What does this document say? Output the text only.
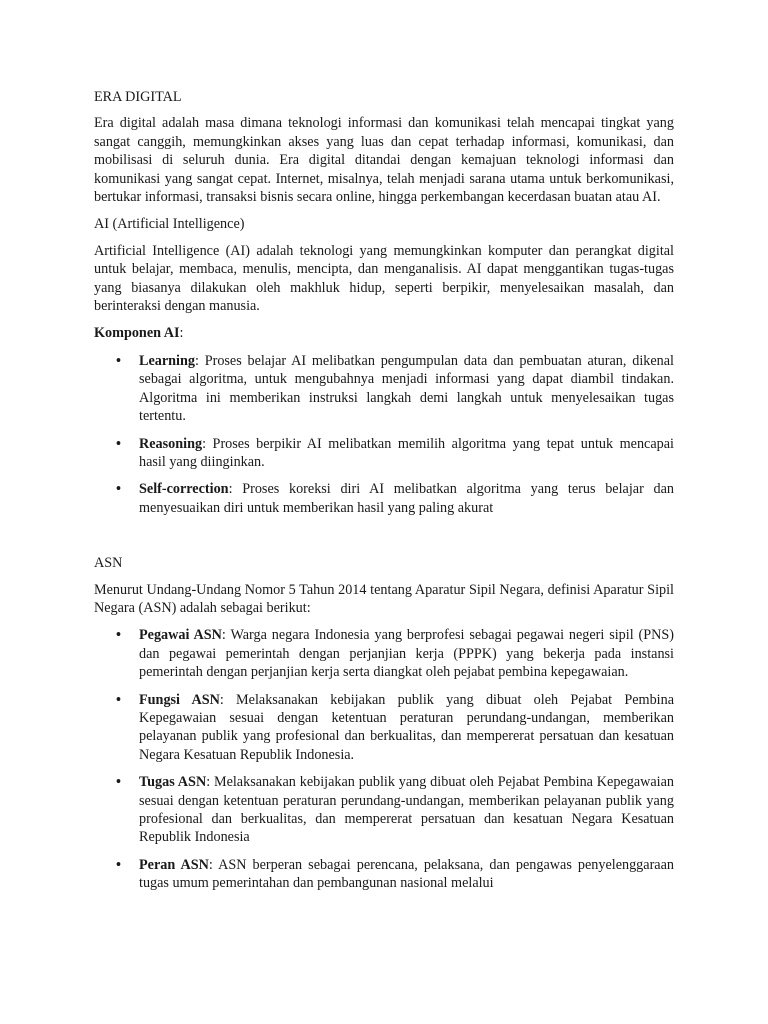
ERA DIGITAL

Era digital adalah masa dimana teknologi informasi dan komunikasi telah mencapai tingkat yang sangat canggih, memungkinkan akses yang luas dan cepat terhadap informasi, komunikasi, dan mobilisasi di seluruh dunia. Era digital ditandai dengan kemajuan teknologi informasi dan komunikasi yang sangat cepat. Internet, misalnya, telah menjadi sarana utama untuk berkomunikasi, bertukar informasi, transaksi bisnis secara online, hingga perkembangan kecerdasan buatan atau AI.

AI (Artificial Intelligence)

Artificial Intelligence (AI) adalah teknologi yang memungkinkan komputer dan perangkat digital untuk belajar, membaca, menulis, mencipta, dan menganalisis. AI dapat menggantikan tugas-tugas yang biasanya dilakukan oleh makhluk hidup, seperti berpikir, menyelesaikan masalah, dan berinteraksi dengan manusia.

Komponen AI:
• Learning: Proses belajar AI melibatkan pengumpulan data dan pembuatan aturan, dikenal sebagai algoritma, untuk mengubahnya menjadi informasi yang dapat diambil tindakan. Algoritma ini memberikan instruksi langkah demi langkah untuk menyelesaikan tugas tertentu.
• Reasoning: Proses berpikir AI melibatkan memilih algoritma yang tepat untuk mencapai hasil yang diinginkan.
• Self-correction: Proses koreksi diri AI melibatkan algoritma yang terus belajar dan menyesuaikan diri untuk memberikan hasil yang paling akurat
ASN

Menurut Undang-Undang Nomor 5 Tahun 2014 tentang Aparatur Sipil Negara, definisi Aparatur Sipil Negara (ASN) adalah sebagai berikut:

• Pegawai ASN: Warga negara Indonesia yang berprofesi sebagai pegawai negeri sipil (PNS) dan pegawai pemerintah dengan perjanjian kerja (PPPK) yang bekerja pada instansi pemerintah dengan perjanjian kerja serta diangkat oleh pejabat pembina kepegawaian.
• Fungsi ASN: Melaksanakan kebijakan publik yang dibuat oleh Pejabat Pembina Kepegawaian sesuai dengan ketentuan peraturan perundang-undangan, memberikan pelayanan publik yang profesional dan berkualitas, dan mempererat persatuan dan kesatuan Negara Kesatuan Republik Indonesia.
• Tugas ASN: Melaksanakan kebijakan publik yang dibuat oleh Pejabat Pembina Kepegawaian sesuai dengan ketentuan peraturan perundang-undangan, memberikan pelayanan publik yang profesional dan berkualitas, dan mempererat persatuan dan kesatuan Negara Kesatuan Republik Indonesia
• Peran ASN: ASN berperan sebagai perencana, pelaksana, dan pengawas penyelenggaraan tugas umum pemerintahan dan pembangunan nasional melalui
